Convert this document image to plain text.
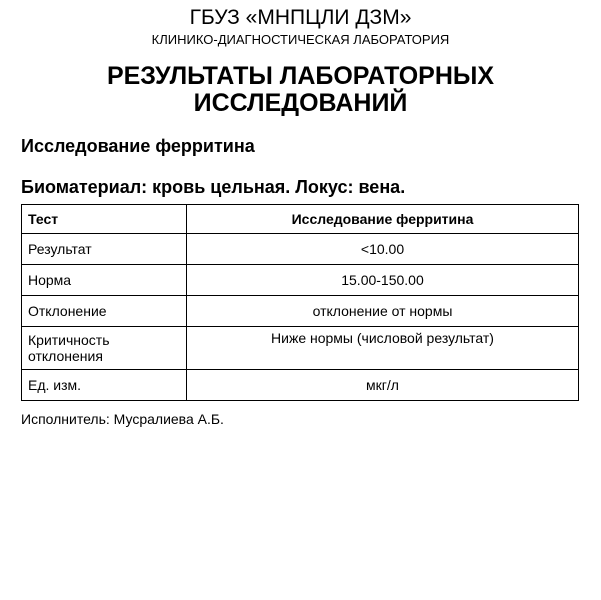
ГБУЗ «МНПЦЛИ ДЗМ»
КЛИНИКО-ДИАГНОСТИЧЕСКАЯ ЛАБОРАТОРИЯ
РЕЗУЛЬТАТЫ ЛАБОРАТОРНЫХ
ИССЛЕДОВАНИЙ
Исследование ферритина
Биоматериал: кровь цельная. Локус: вена.
Тест	Исследование ферритина
Результат	<10.00
Норма	15.00-150.00
Отклонение	отклонение от нормы

Критичность
отклонения	Ниже нормы (числовой результат)
Ед. изм.	мкг/л
Исполнитель: Мусралиева А.Б.
